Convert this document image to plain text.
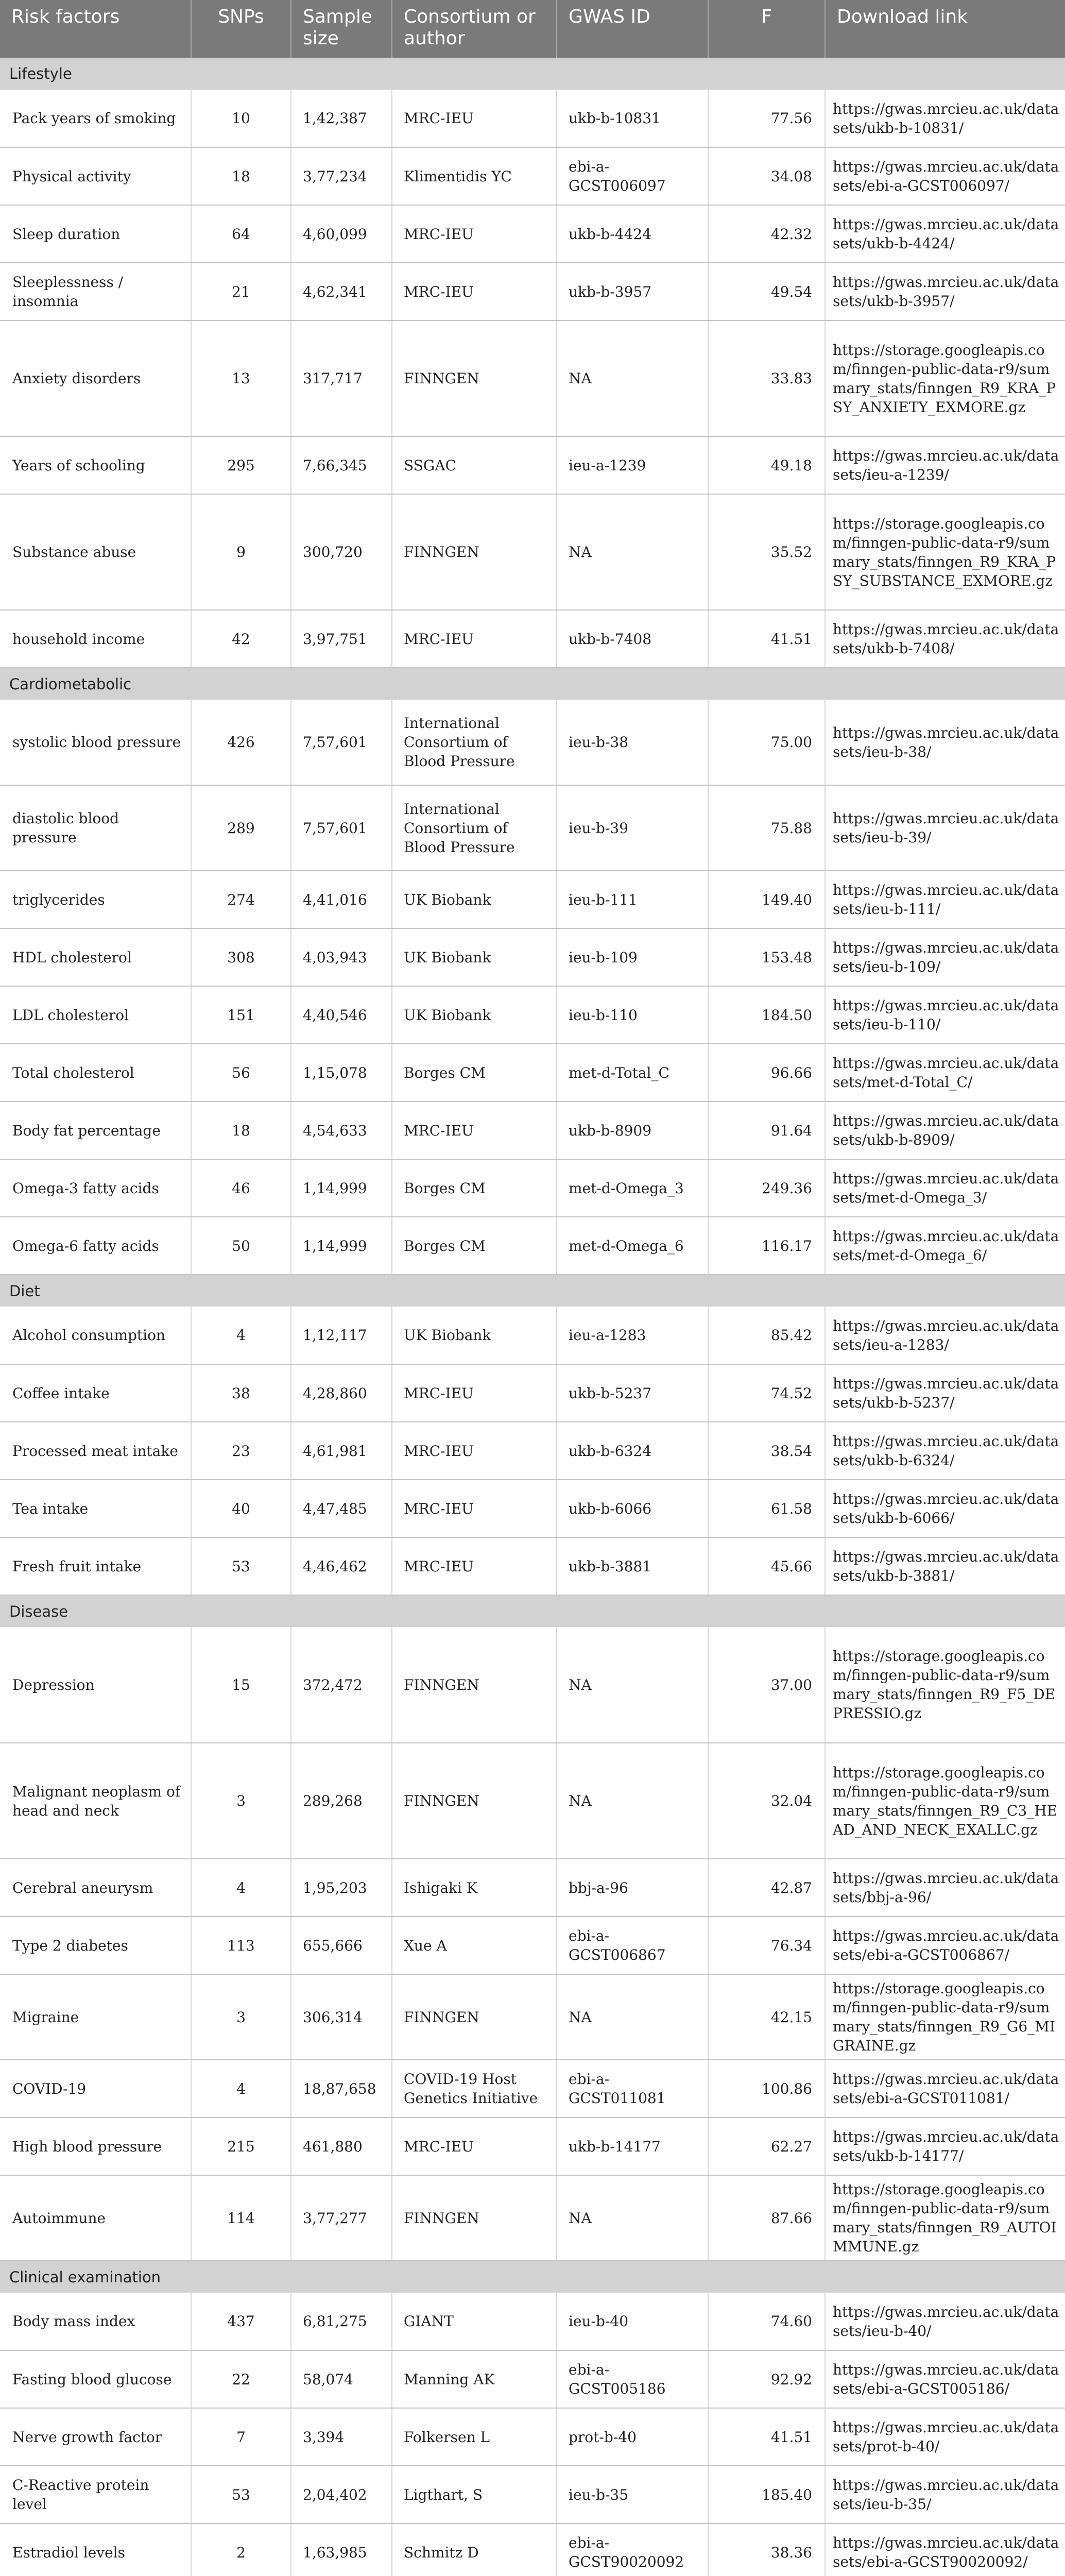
Risk factors	SNPs	Sample size	Consortium or author	GWAS ID	F	Download link
Lifestyle						
Pack years of smoking	10	1,42,387	MRC-IEU	ukb-b-10831	77.56	https://gwas.mrcieu.ac.uk/datasets/ukb-b-10831/
Physical activity	18	3,77,234	Klimentidis YC	ebi-a-GCST006097	34.08	https://gwas.mrcieu.ac.uk/datasets/ebi-a-GCST006097/
Sleep duration	64	4,60,099	MRC-IEU	ukb-b-4424	42.32	https://gwas.mrcieu.ac.uk/datasets/ukb-b-4424/
Sleeplessness / insomnia	21	4,62,341	MRC-IEU	ukb-b-3957	49.54	https://gwas.mrcieu.ac.uk/datasets/ukb-b-3957/
Anxiety disorders	13	317,717	FINNGEN	NA	33.83	https://storage.googleapis.com/finngen-public-data-r9/summary_stats/finngen_R9_KRA_PSY_ANXIETY_EXMORE.gz
Years of schooling	295	7,66,345	SSGAC	ieu-a-1239	49.18	https://gwas.mrcieu.ac.uk/datasets/ieu-a-1239/
Substance abuse	9	300,720	FINNGEN	NA	35.52	https://storage.googleapis.com/finngen-public-data-r9/summary_stats/finngen_R9_KRA_PSY_SUBSTANCE_EXMORE.gz
household income	42	3,97,751	MRC-IEU	ukb-b-7408	41.51	https://gwas.mrcieu.ac.uk/datasets/ukb-b-7408/
Cardiometabolic						
systolic blood pressure	426	7,57,601	International Consortium of Blood Pressure	ieu-b-38	75.00	https://gwas.mrcieu.ac.uk/datasets/ieu-b-38/
diastolic blood pressure	289	7,57,601	International Consortium of Blood Pressure	ieu-b-39	75.88	https://gwas.mrcieu.ac.uk/datasets/ieu-b-39/
triglycerides	274	4,41,016	UK Biobank	ieu-b-111	149.40	https://gwas.mrcieu.ac.uk/datasets/ieu-b-111/
HDL cholesterol	308	4,03,943	UK Biobank	ieu-b-109	153.48	https://gwas.mrcieu.ac.uk/datasets/ieu-b-109/
LDL cholesterol	151	4,40,546	UK Biobank	ieu-b-110	184.50	https://gwas.mrcieu.ac.uk/datasets/ieu-b-110/
Total cholesterol	56	1,15,078	Borges CM	met-d-Total_C	96.66	https://gwas.mrcieu.ac.uk/datasets/met-d-Total_C/
Body fat percentage	18	4,54,633	MRC-IEU	ukb-b-8909	91.64	https://gwas.mrcieu.ac.uk/datasets/ukb-b-8909/
Omega-3 fatty acids	46	1,14,999	Borges CM	met-d-Omega_3	249.36	https://gwas.mrcieu.ac.uk/datasets/met-d-Omega_3/
Omega-6 fatty acids	50	1,14,999	Borges CM	met-d-Omega_6	116.17	https://gwas.mrcieu.ac.uk/datasets/met-d-Omega_6/
Diet						
Alcohol consumption	4	1,12,117	UK Biobank	ieu-a-1283	85.42	https://gwas.mrcieu.ac.uk/datasets/ieu-a-1283/
Coffee intake	38	4,28,860	MRC-IEU	ukb-b-5237	74.52	https://gwas.mrcieu.ac.uk/datasets/ukb-b-5237/
Processed meat intake	23	4,61,981	MRC-IEU	ukb-b-6324	38.54	https://gwas.mrcieu.ac.uk/datasets/ukb-b-6324/
Tea intake	40	4,47,485	MRC-IEU	ukb-b-6066	61.58	https://gwas.mrcieu.ac.uk/datasets/ukb-b-6066/
Fresh fruit intake	53	4,46,462	MRC-IEU	ukb-b-3881	45.66	https://gwas.mrcieu.ac.uk/datasets/ukb-b-3881/
Disease						
Depression	15	372,472	FINNGEN	NA	37.00	https://storage.googleapis.com/finngen-public-data-r9/summary_stats/finngen_R9_F5_DEPRESSIO.gz
Malignant neoplasm of head and neck	3	289,268	FINNGEN	NA	32.04	https://storage.googleapis.com/finngen-public-data-r9/summary_stats/finngen_R9_C3_HEAD_AND_NECK_EXALLC.gz
Cerebral aneurysm	4	1,95,203	Ishigaki K	bbj-a-96	42.87	https://gwas.mrcieu.ac.uk/datasets/bbj-a-96/
Type 2 diabetes	113	655,666	Xue A	ebi-a-GCST006867	76.34	https://gwas.mrcieu.ac.uk/datasets/ebi-a-GCST006867/
Migraine	3	306,314	FINNGEN	NA	42.15	https://storage.googleapis.com/finngen-public-data-r9/summary_stats/finngen_R9_G6_MIGRAINE.gz
COVID-19	4	18,87,658	COVID-19 Host Genetics Initiative	ebi-a-GCST011081	100.86	https://gwas.mrcieu.ac.uk/datasets/ebi-a-GCST011081/
High blood pressure	215	461,880	MRC-IEU	ukb-b-14177	62.27	https://gwas.mrcieu.ac.uk/datasets/ukb-b-14177/
Autoimmune	114	3,77,277	FINNGEN	NA	87.66	https://storage.googleapis.com/finngen-public-data-r9/summary_stats/finngen_R9_AUTOIMMUNE.gz
Clinical examination						
Body mass index	437	6,81,275	GIANT	ieu-b-40	74.60	https://gwas.mrcieu.ac.uk/datasets/ieu-b-40/
Fasting blood glucose	22	58,074	Manning AK	ebi-a-GCST005186	92.92	https://gwas.mrcieu.ac.uk/datasets/ebi-a-GCST005186/
Nerve growth factor	7	3,394	Folkersen L	prot-b-40	41.51	https://gwas.mrcieu.ac.uk/datasets/prot-b-40/
C-Reactive protein level	53	2,04,402	Ligthart, S	ieu-b-35	185.40	https://gwas.mrcieu.ac.uk/datasets/ieu-b-35/
Estradiol levels	2	1,63,985	Schmitz D	ebi-a-GCST90020092	38.36	https://gwas.mrcieu.ac.uk/datasets/ebi-a-GCST90020092/
